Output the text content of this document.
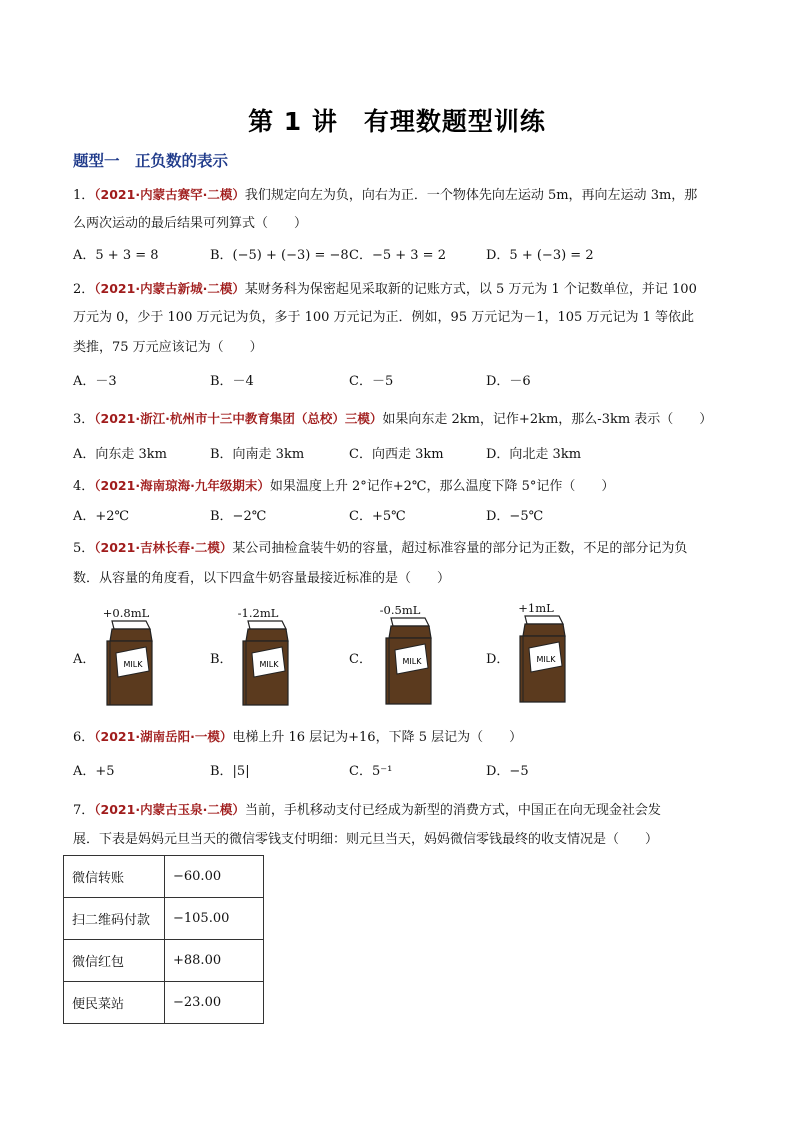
第 1 讲　有理数题型训练
题型一　正负数的表示
1．（2021·内蒙古赛罕·二模）我们规定向左为负，向右为正．一个物体先向左运动 5m，再向左运动 3m，那
么两次运动的最后结果可列算式（　　）
A．5 + 3 = 8	B．(−5) + (−3) = −8 C．−5 + 3 = 2	D．5 + (−3) = 2
2．（2021·内蒙古新城·二模）某财务科为保密起见采取新的记账方式，以 5 万元为 1 个记数单位，并记 100
万元为 0，少于 100 万元记为负，多于 100 万元记为正．例如，95 万元记为－1，105 万元记为 1 等依此
类推，75 万元应该记为（　　）
A．－3	B．－4	C．－5	D．－6
3．（2021·浙江·杭州市十三中教育集团（总校）三模）如果向东走 2km，记作+2km，那么-3km 表示（　　）
A．向东走 3km	B．向南走 3km	C．向西走 3km	D．向北走 3km
4．（2021·海南琼海·九年级期末）如果温度上升 2°记作+2℃，那么温度下降 5°记作（　　）
A．+2℃	B．−2℃	C．+5℃	D．−5℃
5．（2021·吉林长春·二模）某公司抽检盒装牛奶的容量，超过标准容量的部分记为正数，不足的部分记为负
数．从容量的角度看，以下四盒牛奶容量最接近标准的是（　　）
A．	B．	C．	D．
+0.8mL	-1.2mL	-0.5mL	+1mL
MILK	MILK	MILK	MILK
6．（2021·湖南岳阳·一模）电梯上升 16 层记为+16，下降 5 层记为（　　）
A．+5	B．|5|	C．5⁻¹	D．−5
7．（2021·内蒙古玉泉·二模）当前，手机移动支付已经成为新型的消费方式，中国正在向无现金社会发
展．下表是妈妈元旦当天的微信零钱支付明细：则元旦当天，妈妈微信零钱最终的收支情况是（　　）
微信转账	−60.00
扫二维码付款	−105.00
微信红包	+88.00
便民菜站	−23.00
